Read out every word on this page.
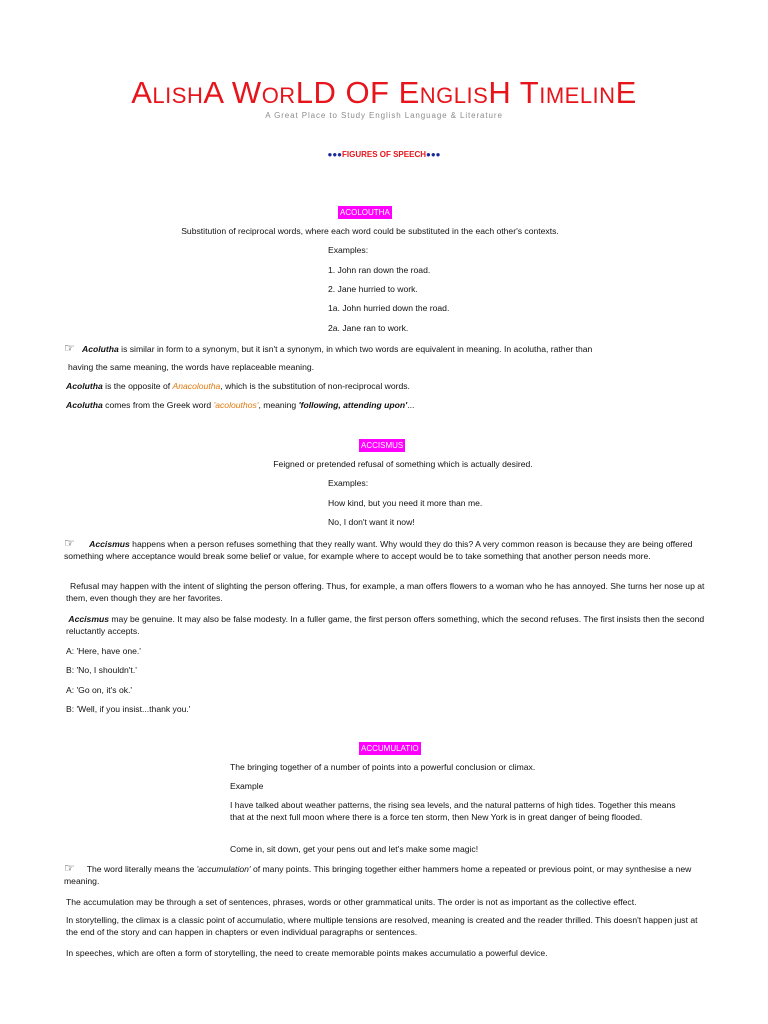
ALISHA WORLD OF ENGLISH TIMELINE
A Great Place to Study English Language & Literature
●●●FIGURES OF SPEECH●●●
ACOLOUTHA
Substitution of reciprocal words, where each word could be substituted in the each other's contexts.
Examples:
1. John ran down the road.
2. Jane hurried to work.
1a. John hurried down the road.
2a. Jane ran to work.
☞ Acolutha is similar in form to a synonym, but it isn't a synonym, in which two words are equivalent in meaning. In acolutha, rather than
having the same meaning, the words have replaceable meaning.
Acolutha is the opposite of Anacoloutha, which is the substitution of non-reciprocal words.
Acolutha comes from the Greek word 'acolouthos', meaning 'following, attending upon'...
ACCISMUS
Feigned or pretended refusal of something which is actually desired.
Examples:
How kind, but you need it more than me.
No, I don't want it now!
☞ Accismus happens when a person refuses something that they really want. Why would they do this? A very common reason is because they are being offered something where acceptance would break some belief or value, for example where to accept would be to take something that another person needs more.
Refusal may happen with the intent of slighting the person offering. Thus, for example, a man offers flowers to a woman who he has annoyed. She turns her nose up at them, even though they are her favorites.
Accismus may be genuine. It may also be false modesty. In a fuller game, the first person offers something, which the second refuses. The first insists then the second reluctantly accepts.
A: 'Here, have one.'
B: 'No, I shouldn't.'
A: 'Go on, it's ok.'
B: 'Well, if you insist...thank you.'
ACCUMULATIO
The bringing together of a number of points into a powerful conclusion or climax.
Example
I have talked about weather patterns, the rising sea levels, and the natural patterns of high tides. Together this means that at the next full moon where there is a force ten storm, then New York is in great danger of being flooded.
Come in, sit down, get your pens out and let's make some magic!
☞ The word literally means the 'accumulation' of many points. This bringing together either hammers home a repeated or previous point, or may synthesise a new meaning.
The accumulation may be through a set of sentences, phrases, words or other grammatical units. The order is not as important as the collective effect.
In storytelling, the climax is a classic point of accumulatio, where multiple tensions are resolved, meaning is created and the reader thrilled. This doesn't happen just at the end of the story and can happen in chapters or even individual paragraphs or sentences.
In speeches, which are often a form of storytelling, the need to create memorable points makes accumulatio a powerful device.
